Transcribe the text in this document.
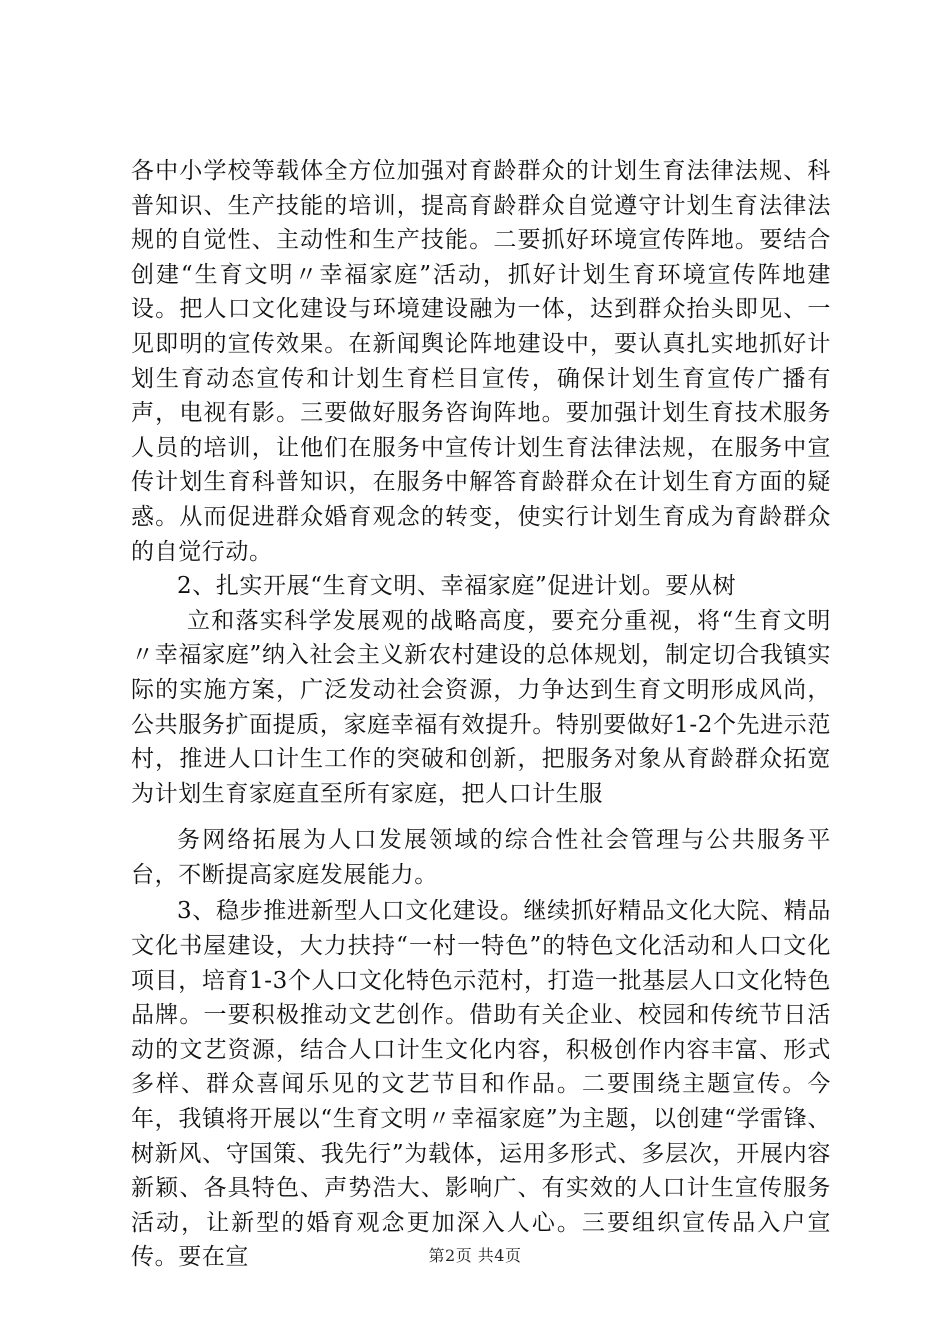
各中小学校等载体全方位加强对育龄群众的计划生育法律法规、科普知识、生产技能的培训，提高育龄群众自觉遵守计划生育法律法规的自觉性、主动性和生产技能。二要抓好环境宣传阵地。要结合创建“生育文明〃幸福家庭”活动，抓好计划生育环境宣传阵地建设。把人口文化建设与环境建设融为一体，达到群众抬头即见、一见即明的宣传效果。在新闻舆论阵地建设中，要认真扎实地抓好计划生育动态宣传和计划生育栏目宣传，确保计划生育宣传广播有声，电视有影。三要做好服务咨询阵地。要加强计划生育技术服务人员的培训，让他们在服务中宣传计划生育法律法规，在服务中宣传计划生育科普知识，在服务中解答育龄群众在计划生育方面的疑惑。从而促进群众婚育观念的转变，使实行计划生育成为育龄群众的自觉行动。

2、扎实开展“生育文明、幸福家庭”促进计划。要从树

立和落实科学发展观的战略高度，要充分重视，将“生育文明〃幸福家庭”纳入社会主义新农村建设的总体规划，制定切合我镇实际的实施方案，广泛发动社会资源，力争达到生育文明形成风尚，公共服务扩面提质，家庭幸福有效提升。特别要做好1-2个先进示范村，推进人口计生工作的突破和创新，把服务对象从育龄群众拓宽为计划生育家庭直至所有家庭，把人口计生服

务网络拓展为人口发展领域的综合性社会管理与公共服务平台，不断提高家庭发展能力。

3、稳步推进新型人口文化建设。继续抓好精品文化大院、精品文化书屋建设，大力扶持“一村一特色”的特色文化活动和人口文化项目，培育1-3个人口文化特色示范村，打造一批基层人口文化特色品牌。一要积极推动文艺创作。借助有关企业、校园和传统节日活动的文艺资源，结合人口计生文化内容，积极创作内容丰富、形式多样、群众喜闻乐见的文艺节目和作品。二要围绕主题宣传。今年，我镇将开展以“生育文明〃幸福家庭”为主题，以创建“学雷锋、树新风、守国策、我先行”为载体，运用多形式、多层次，开展内容新颖、各具特色、声势浩大、影响广、有实效的人口计生宣传服务活动，让新型的婚育观念更加深入人心。三要组织宣传品入户宣传。要在宣	第2页 共4页
